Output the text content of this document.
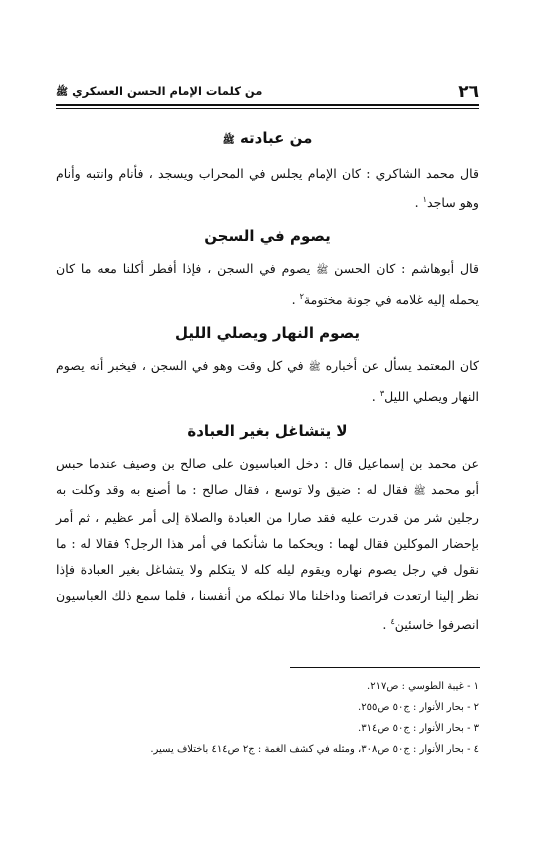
٢٦
من كلمات الإمام الحسن العسكري ﷺ
من عبادته ﷺ

قال محمد الشاكري : كان الإمام يجلس في المحراب ويسجد ، فأنام وانتبه وأنام وهو ساجد$^١$ .

يصوم في السجن

قال أبوهاشم : كان الحسن ﷺ يصوم في السجن ، فإذا أفطر أكلنا معه ما كان يحمله إليه غلامه في جونة مختومة$^٢$ .

يصوم النهار ويصلي الليل

كان المعتمد يسأل عن أخباره ﷺ في كل وقت وهو في السجن ، فيخبر أنه يصوم النهار ويصلي الليل$^٣$ .

لا يتشاغل بغير العبادة

عن محمد بن إسماعيل قال : دخل العباسيون على صالح بن وصيف عندما حبس أبو محمد ﷺ فقال له : ضيق ولا توسع ، فقال صالح : ما أصنع به وقد وكلت به رجلين شر من قدرت عليه فقد صارا من العبادة والصلاة إلى أمر عظيم ، ثم أمر بإحضار الموكلين فقال لهما : ويحكما ما شأنكما في أمر هذا الرجل؟ فقالا له : ما نقول في رجل يصوم نهاره ويقوم ليله كله لا يتكلم ولا يتشاغل بغير العبادة فإذا نظر إلينا ارتعدت فرائصنا وداخلنا مالا نملكه من أنفسنا ، فلما سمع ذلك العباسيون انصرفوا خاسئين$^٤$ .

١ - غيبة الطوسي : ص٢١٧.
٢ - بحار الأنوار : ج٥٠ ص٢٥٥.
٣ - بحار الأنوار : ج٥٠ ص٣١٤.
٤ - بحار الأنوار : ج٥٠ ص٣٠٨، ومثله في كشف الغمة : ج٢ ص٤١٤ باختلاف يسير.
